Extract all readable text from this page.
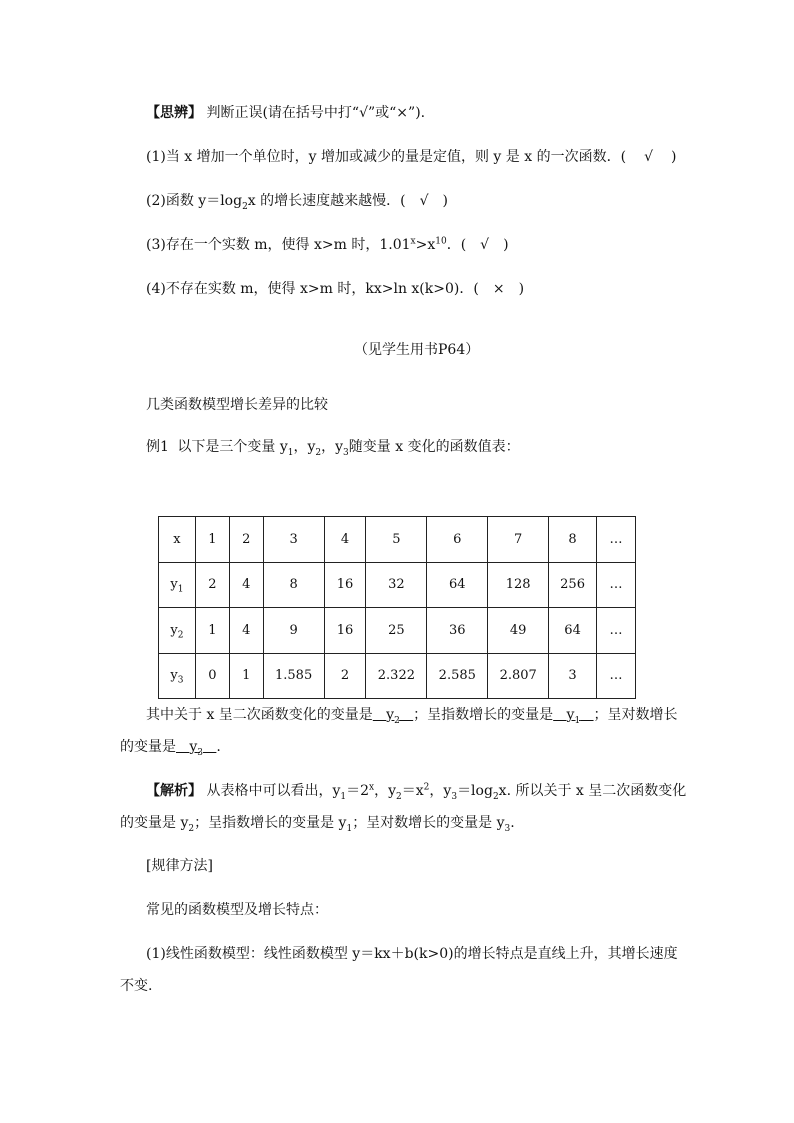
【思辨】 判断正误(请在括号中打“√”或“×”).
(1)当 x 增加一个单位时，y 增加或减少的量是定值，则 y 是 x 的一次函数．( √ )
(2)函数 $y=\log_2x$ 的增长速度越来越慢．( √ )
(3)存在一个实数 m，使得 x>m 时，$1.01^x>x^{10}$．( √ )
(4)不存在实数 m，使得 x>m 时，kx>ln x(k>0)．( × )
（见学生用书P64）
几类函数模型增长差异的比较
例1 以下是三个变量 $y_1$，$y_2$，$y_3$随变量 x 变化的函数值表：
x	1	2	3	4	5	6	7	8	…
$y_1$	2	4	8	16	32	64	128	256	…
$y_2$	1	4	9	16	25	36	49	64	…
$y_3$	0	1	1.585	2	2.322	2.585	2.807	3	…
其中关于 x 呈二次函数变化的变量是 $y_2$ ；呈指数增长的变量是 $y_1$ ；呈对数增长
的变量是 $y_3$ .
【解析】 从表格中可以看出，$y_1=2^x$，$y_2=x^2$，$y_3=\log_2x$. 所以关于 x 呈二次函数变化
的变量是 $y_2$；呈指数增长的变量是 $y_1$；呈对数增长的变量是 $y_3$.
[规律方法]
常见的函数模型及增长特点：
(1)线性函数模型：线性函数模型 y＝kx＋b(k>0)的增长特点是直线上升，其增长速度
不变.
